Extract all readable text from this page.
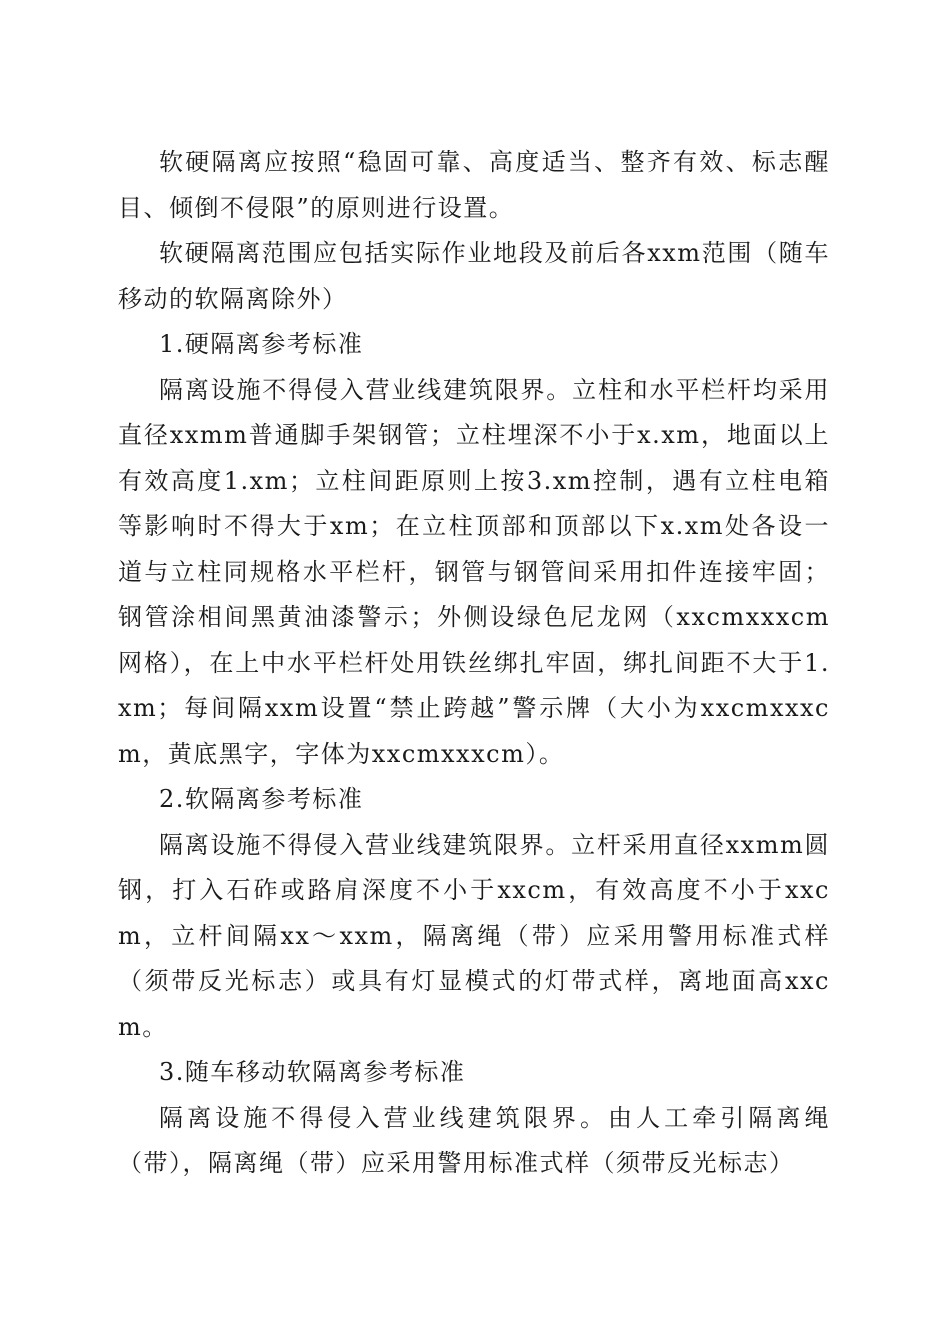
软硬隔离应按照“稳固可靠、高度适当、整齐有效、标志醒目、倾倒不侵限”的原则进行设置。

软硬隔离范围应包括实际作业地段及前后各xxm范围（随车移动的软隔离除外）

1.硬隔离参考标准

隔离设施不得侵入营业线建筑限界。立柱和水平栏杆均采用直径xxmm普通脚手架钢管；立柱埋深不小于x.xm，地面以上有效高度1.xm；立柱间距原则上按3.xm控制，遇有立柱电箱等影响时不得大于xm；在立柱顶部和顶部以下x.xm处各设一道与立柱同规格水平栏杆，钢管与钢管间采用扣件连接牢固；钢管涂相间黑黄油漆警示；外侧设绿色尼龙网（xxcmxxxcm网格），在上中水平栏杆处用铁丝绑扎牢固，绑扎间距不大于1.xm；每间隔xxm设置“禁止跨越”警示牌（大小为xxcmxxxcm，黄底黑字，字体为xxcmxxxcm）。

2.软隔离参考标准

隔离设施不得侵入营业线建筑限界。立杆采用直径xxmm圆钢，打入石砟或路肩深度不小于xxcm，有效高度不小于xxcm，立杆间隔xx～xxm，隔离绳（带）应采用警用标准式样（须带反光标志）或具有灯显模式的灯带式样，离地面高xxcm。

3.随车移动软隔离参考标准

隔离设施不得侵入营业线建筑限界。由人工牵引隔离绳（带），隔离绳（带）应采用警用标准式样（须带反光标志）
